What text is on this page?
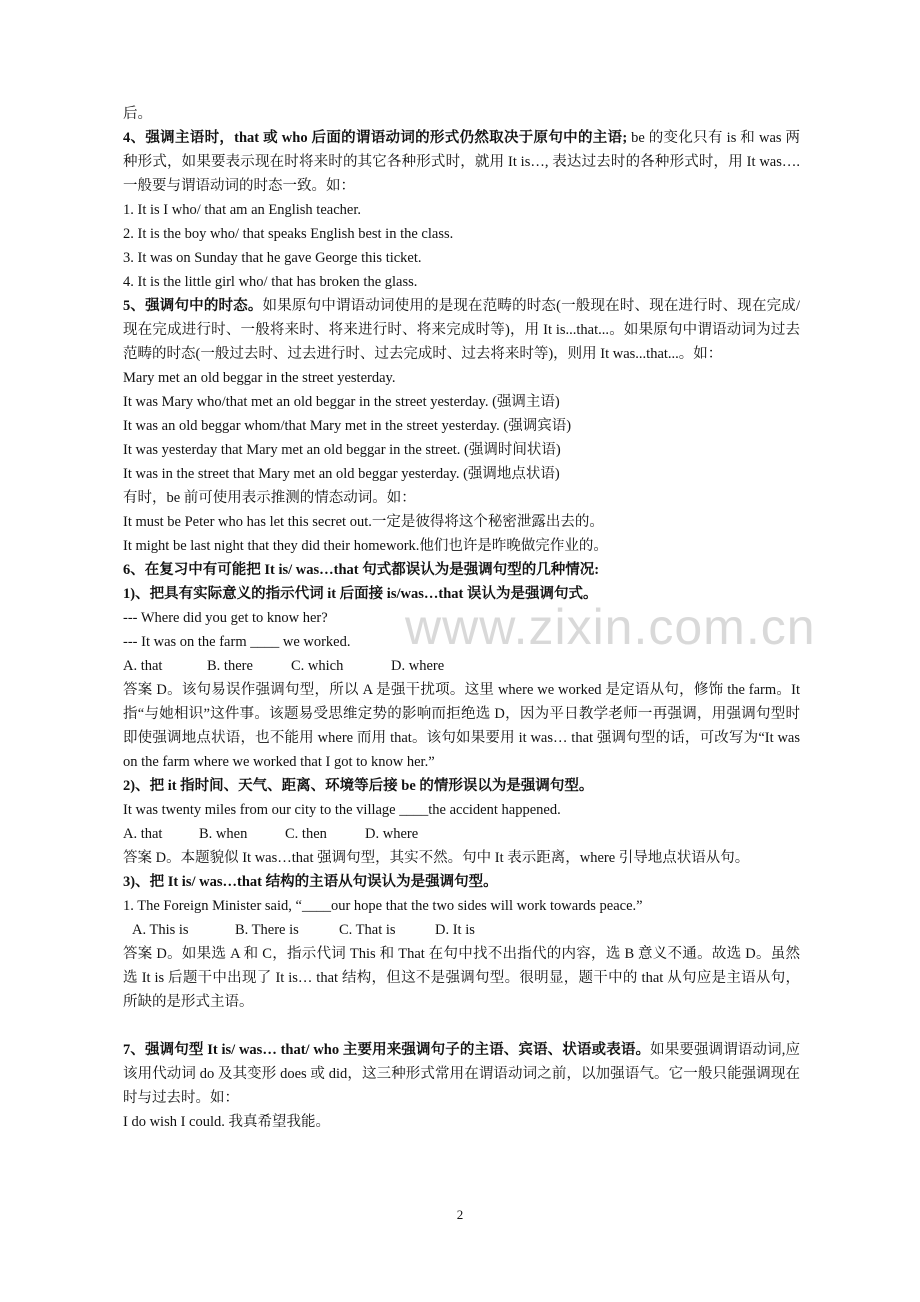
后。

4、强调主语时，that 或 who 后面的谓语动词的形式仍然取决于原句中的主语; be 的变化只有 is 和 was 两种形式，如果要表示现在时将来时的其它各种形式时，就用 It is…, 表达过去时的各种形式时，用 It was….一般要与谓语动词的时态一致。如：

1. It is I who/ that am an English teacher.

2. It is the boy who/ that speaks English best in the class.

3. It was on Sunday that he gave George this ticket.

4. It is the little girl who/ that has broken the glass.

5、强调句中的时态。如果原句中谓语动词使用的是现在范畴的时态(一般现在时、现在进行时、现在完成/现在完成进行时、一般将来时、将来进行时、将来完成时等)，用 It is...that...。如果原句中谓语动词为过去范畴的时态(一般过去时、过去进行时、过去完成时、过去将来时等)，则用 It was...that...。如：

Mary met an old beggar in the street yesterday.

It was Mary who/that met an old beggar in the street yesterday. (强调主语)

It was an old beggar whom/that Mary met in the street yesterday. (强调宾语)

It was yesterday that Mary met an old beggar in the street. (强调时间状语)

It was in the street that Mary met an old beggar yesterday. (强调地点状语)

有时，be 前可使用表示推测的情态动词。如：

It must be Peter who has let this secret out.一定是彼得将这个秘密泄露出去的。

It might be last night that they did their homework.他们也许是昨晚做完作业的。

6、在复习中有可能把 It is/ was…that 句式都误认为是强调句型的几种情况:

1)、把具有实际意义的指示代词 it 后面接 is/was…that 误认为是强调句式。

--- Where did you get to know her?

--- It was on the farm ____ we worked.

A. that	B. there	C. which	D. where

答案 D。该句易误作强调句型，所以 A 是强干扰项。这里 where we worked 是定语从句，修饰 the farm。It 指“与她相识”这件事。该题易受思维定势的影响而拒绝选 D，因为平日教学老师一再强调，用强调句型时即使强调地点状语，也不能用 where 而用 that。该句如果要用 it was… that 强调句型的话，可改写为“It was on the farm where we worked that I got to know her.”

2)、把 it 指时间、天气、距离、环境等后接 be 的情形误以为是强调句型。

It was twenty miles from our city to the village ____the accident happened.

A. that	B. when	C. then	D. where

答案 D。本题貌似 It was…that 强调句型，其实不然。句中 It 表示距离，where 引导地点状语从句。

3)、把 It is/ was…that 结构的主语从句误认为是强调句型。

1. The Foreign Minister said, “____our hope that the two sides will work towards peace.”

A. This is	B. There is	C. That is	D. It is

答案 D。如果选 A 和 C，指示代词 This 和 That 在句中找不出指代的内容，选 B 意义不通。故选 D。虽然选 It is 后题干中出现了 It is… that 结构，但这不是强调句型。很明显，题干中的 that 从句应是主语从句，所缺的是形式主语。

7、强调句型 It is/ was… that/ who 主要用来强调句子的主语、宾语、状语或表语。如果要强调谓语动词,应该用代动词 do 及其变形 does 或 did，这三种形式常用在谓语动词之前，以加强语气。它一般只能强调现在时与过去时。如：

I do wish I could. 我真希望我能。

www.zixin.com.cn
2
